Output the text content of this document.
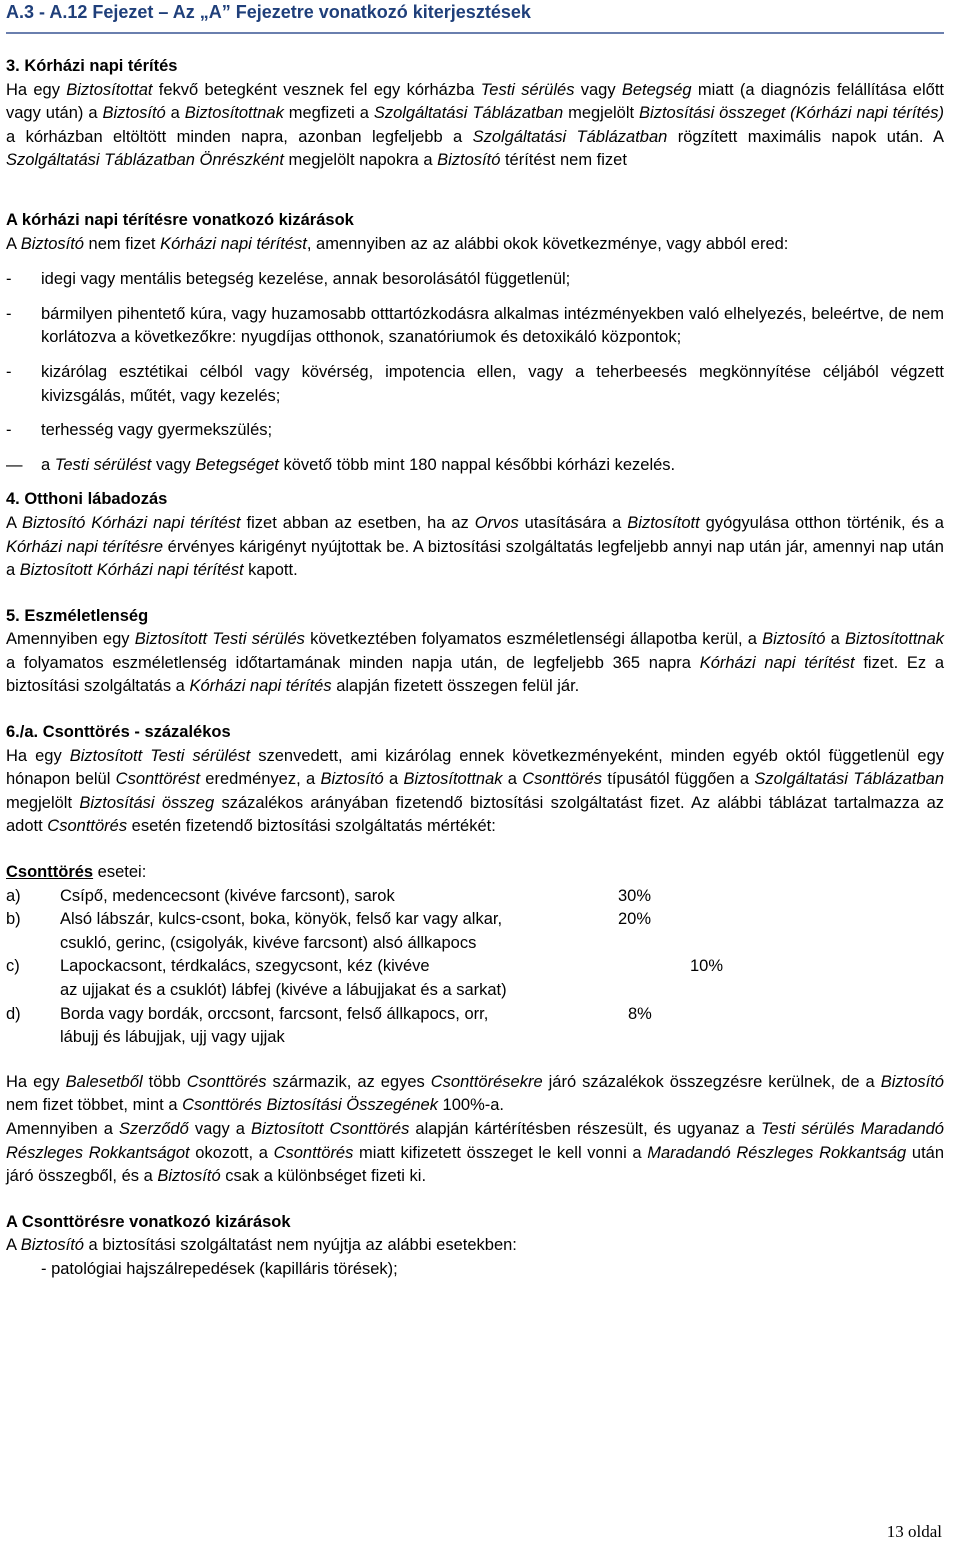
A.3 - A.12 Fejezet – Az „A” Fejezetre vonatkozó kiterjesztések
3. Kórházi napi térítés

Ha egy Biztosítottat fekvő betegként vesznek fel egy kórházba Testi sérülés vagy Betegség miatt (a diagnózis felállítása előtt vagy után) a Biztosító a Biztosítottnak megfizeti a Szolgáltatási Táblázatban megjelölt Biztosítási összeget (Kórházi napi térítés) a kórházban eltöltött minden napra, azonban legfeljebb a Szolgáltatási Táblázatban rögzített maximális napok után. A Szolgáltatási Táblázatban Önrészként megjelölt napokra a Biztosító térítést nem fizet

A kórházi napi térítésre vonatkozó kizárások

A Biztosító nem fizet Kórházi napi térítést, amennyiben az az alábbi okok következménye, vagy abból ered:

- idegi vagy mentális betegség kezelése, annak besorolásától függetlenül;
- bármilyen pihentető kúra, vagy huzamosabb otttartózkodásra alkalmas intézményekben való elhelyezés, beleértve, de nem korlátozva a következőkre: nyugdíjas otthonok, szanatóriumok és detoxikáló központok;
- kizárólag esztétikai célból vagy kövérség, impotencia ellen, vagy a teherbeesés megkönnyítése céljából végzett kivizsgálás, műtét, vagy kezelés;
- terhesség vagy gyermekszülés;
— a Testi sérülést vagy Betegséget követő több mint 180 nappal későbbi kórházi kezelés.
4. Otthoni lábadozás

A Biztosító Kórházi napi térítést fizet abban az esetben, ha az Orvos utasítására a Biztosított gyógyulása otthon történik, és a Kórházi napi térítésre érvényes kárigényt nyújtottak be. A biztosítási szolgáltatás legfeljebb annyi nap után jár, amennyi nap után a Biztosított Kórházi napi térítést kapott.

5. Eszméletlenség

Amennyiben egy Biztosított Testi sérülés következtében folyamatos eszméletlenségi állapotba kerül, a Biztosító a Biztosítottnak a folyamatos eszméletlenség időtartamának minden napja után, de legfeljebb 365 napra Kórházi napi térítést fizet. Ez a biztosítási szolgáltatás a Kórházi napi térítés alapján fizetett összegen felül jár.

6./a. Csonttörés - százalékos

Ha egy Biztosított Testi sérülést szenvedett, ami kizárólag ennek következményeként, minden egyéb októl függetlenül egy hónapon belül Csonttörést eredményez, a Biztosító a Biztosítottnak a Csonttörés típusától függően a Szolgáltatási Táblázatban megjelölt Biztosítási összeg százalékos arányában fizetendő biztosítási szolgáltatást fizet. Az alábbi táblázat tartalmazza az adott Csonttörés esetén fizetendő biztosítási szolgáltatás mértékét:

Csonttörés esetei:

a) Csípő, medencecsont (kivéve farcsont), sarok	30%
b) Alsó lábszár, kulcs-csont, boka, könyök, felső kar vagy alkar,
csukló, gerinc, (csigolyák, kivéve farcsont) alsó állkapocs
20%
c) Lapockacsont, térdkalács, szegycsont, kéz (kivéve
az ujjakat és a csuklót) lábfej (kivéve a lábujjakat és a sarkat)
10%
d) Borda vagy bordák, orccsont, farcsont, felső állkapocs, orr,
lábujj és lábujjak, ujj vagy ujjak
8%

Ha egy Balesetből több Csonttörés származik, az egyes Csonttörésekre járó százalékok összegzésre kerülnek, de a Biztosító nem fizet többet, mint a Csonttörés Biztosítási Összegének 100%-a.

Amennyiben a Szerződő vagy a Biztosított Csonttörés alapján kártérítésben részesült, és ugyanaz a Testi sérülés Maradandó Részleges Rokkantságot okozott, a Csonttörés miatt kifizetett összeget le kell vonni a Maradandó Részleges Rokkantság után járó összegből, és a Biztosító csak a különbséget fizeti ki.

A Csonttörésre vonatkozó kizárások

A Biztosító a biztosítási szolgáltatást nem nyújtja az alábbi esetekben:

- patológiai hajszálrepedések (kapilláris törések);

13 oldal
